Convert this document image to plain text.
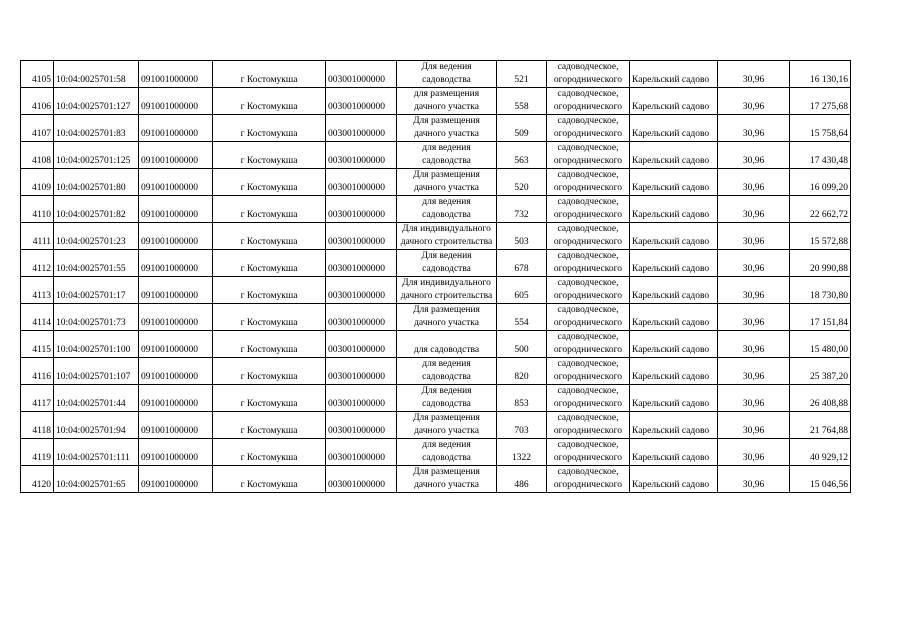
4105	10:04:0025701:58	091001000000	г Костомукша	003001000000	Для ведения садоводства	521	садоводческое, огороднического	Карельский садово	30,96	16 130,16
4106	10:04:0025701:127	091001000000	г Костомукша	003001000000	для размещения дачного участка	558	садоводческое, огороднического	Карельский садово	30,96	17 275,68
4107	10:04:0025701:83	091001000000	г Костомукша	003001000000	Для размещения дачного участка	509	садоводческое, огороднического	Карельский садово	30,96	15 758,64
4108	10:04:0025701:125	091001000000	г Костомукша	003001000000	для ведения садоводства	563	садоводческое, огороднического	Карельский садово	30,96	17 430,48
4109	10:04:0025701:80	091001000000	г Костомукша	003001000000	Для размещения дачного участка	520	садоводческое, огороднического	Карельский садово	30,96	16 099,20
4110	10:04:0025701:82	091001000000	г Костомукша	003001000000	для ведения садоводства	732	садоводческое, огороднического	Карельский садово	30,96	22 662,72
4111	10:04:0025701:23	091001000000	г Костомукша	003001000000	Для индивидуального дачного строительства	503	садоводческое, огороднического	Карельский садово	30,96	15 572,88
4112	10:04:0025701:55	091001000000	г Костомукша	003001000000	Для ведения садоводства	678	садоводческое, огороднического	Карельский садово	30,96	20 990,88
4113	10:04:0025701:17	091001000000	г Костомукша	003001000000	Для индивидуального дачного строительства	605	садоводческое, огороднического	Карельский садово	30,96	18 730,80
4114	10:04:0025701:73	091001000000	г Костомукша	003001000000	Для размещения дачного участка	554	садоводческое, огороднического	Карельский садово	30,96	17 151,84
4115	10:04:0025701:100	091001000000	г Костомукша	003001000000	для садоводства	500	садоводческое, огороднического	Карельский садово	30,96	15 480,00
4116	10:04:0025701:107	091001000000	г Костомукша	003001000000	для ведения садоводства	820	садоводческое, огороднического	Карельский садово	30,96	25 387,20
4117	10:04:0025701:44	091001000000	г Костомукша	003001000000	Для ведения садоводства	853	садоводческое, огороднического	Карельский садово	30,96	26 408,88
4118	10:04:0025701:94	091001000000	г Костомукша	003001000000	Для размещения дачного участка	703	садоводческое, огороднического	Карельский садово	30,96	21 764,88
4119	10:04:0025701:111	091001000000	г Костомукша	003001000000	для ведения садоводства	1322	садоводческое, огороднического	Карельский садово	30,96	40 929,12
4120	10:04:0025701:65	091001000000	г Костомукша	003001000000	Для размещения дачного участка	486	садоводческое, огороднического	Карельский садово	30,96	15 046,56
